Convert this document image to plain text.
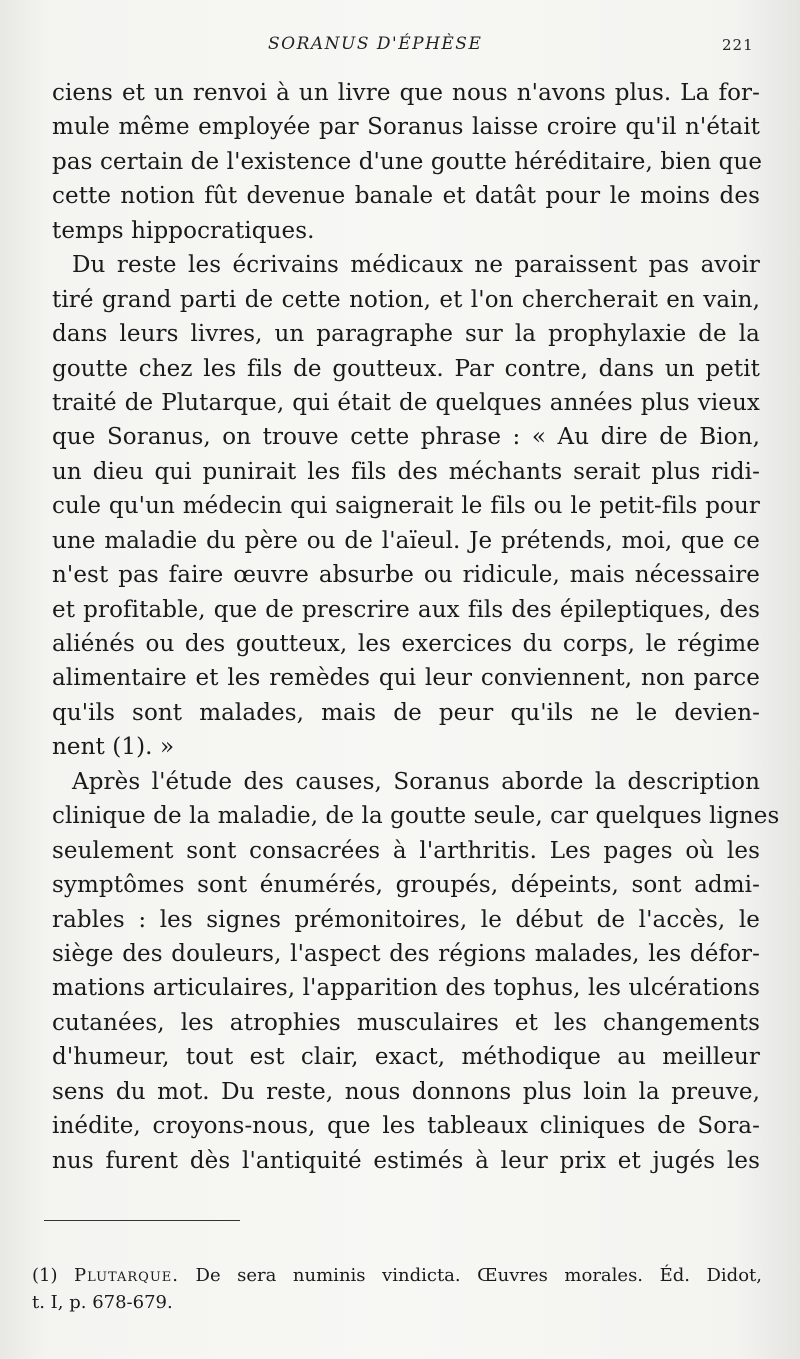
SORANUS D'ÉPHÈSE	221
ciens et un renvoi à un livre que nous n'avons plus. La for-
mule même employée par Soranus laisse croire qu'il n'était
pas certain de l'existence d'une goutte héréditaire, bien que
cette notion fût devenue banale et datât pour le moins des
temps hippocratiques.
Du reste les écrivains médicaux ne paraissent pas avoir
tiré grand parti de cette notion, et l'on chercherait en vain,
dans leurs livres, un paragraphe sur la prophylaxie de la
goutte chez les fils de goutteux. Par contre, dans un petit
traité de Plutarque, qui était de quelques années plus vieux
que Soranus, on trouve cette phrase : « Au dire de Bion,
un dieu qui punirait les fils des méchants serait plus ridi-
cule qu'un médecin qui saignerait le fils ou le petit-fils pour
une maladie du père ou de l'aïeul. Je prétends, moi, que ce
n'est pas faire œuvre absurbe ou ridicule, mais nécessaire
et profitable, que de prescrire aux fils des épileptiques, des
aliénés ou des goutteux, les exercices du corps, le régime
alimentaire et les remèdes qui leur conviennent, non parce
qu'ils sont malades, mais de peur qu'ils ne le devien-
nent (1). »
Après l'étude des causes, Soranus aborde la description
clinique de la maladie, de la goutte seule, car quelques lignes
seulement sont consacrées à l'arthritis. Les pages où les
symptômes sont énumérés, groupés, dépeints, sont admi-
rables : les signes prémonitoires, le début de l'accès, le
siège des douleurs, l'aspect des régions malades, les défor-
mations articulaires, l'apparition des tophus, les ulcérations
cutanées, les atrophies musculaires et les changements
d'humeur, tout est clair, exact, méthodique au meilleur
sens du mot. Du reste, nous donnons plus loin la preuve,
inédite, croyons-nous, que les tableaux cliniques de Sora-
nus furent dès l'antiquité estimés à leur prix et jugés les
(1) Plutarque. De sera numinis vindicta. Œuvres morales. Éd. Didot,
t. I, p. 678-679.
